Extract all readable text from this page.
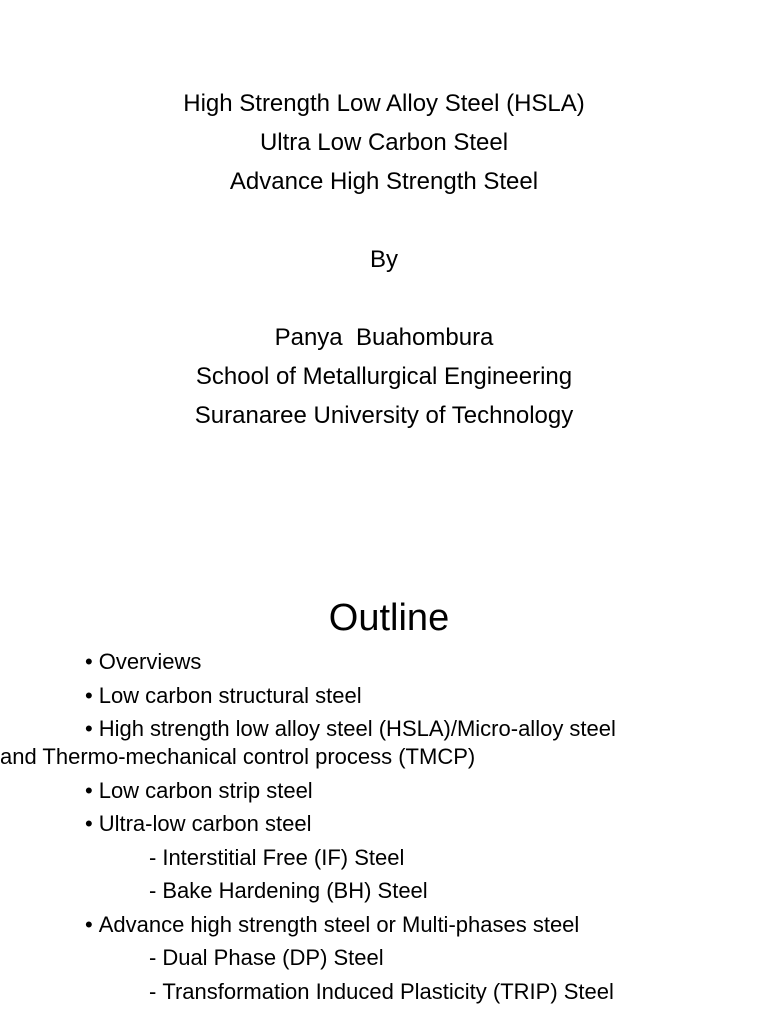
High Strength Low Alloy Steel (HSLA)
Ultra Low Carbon Steel
Advance High Strength Steel
By
Panya  Buahombura
School of Metallurgical Engineering
Suranaree University of Technology
Outline
• Overviews
• Low carbon structural steel
• High strength low alloy steel (HSLA)/Micro-alloy steel
and Thermo-mechanical control process (TMCP)
• Low carbon strip steel
• Ultra-low carbon steel
- Interstitial Free (IF) Steel
- Bake Hardening (BH) Steel
• Advance high strength steel or Multi-phases steel
- Dual Phase (DP) Steel
- Transformation Induced Plasticity (TRIP) Steel
